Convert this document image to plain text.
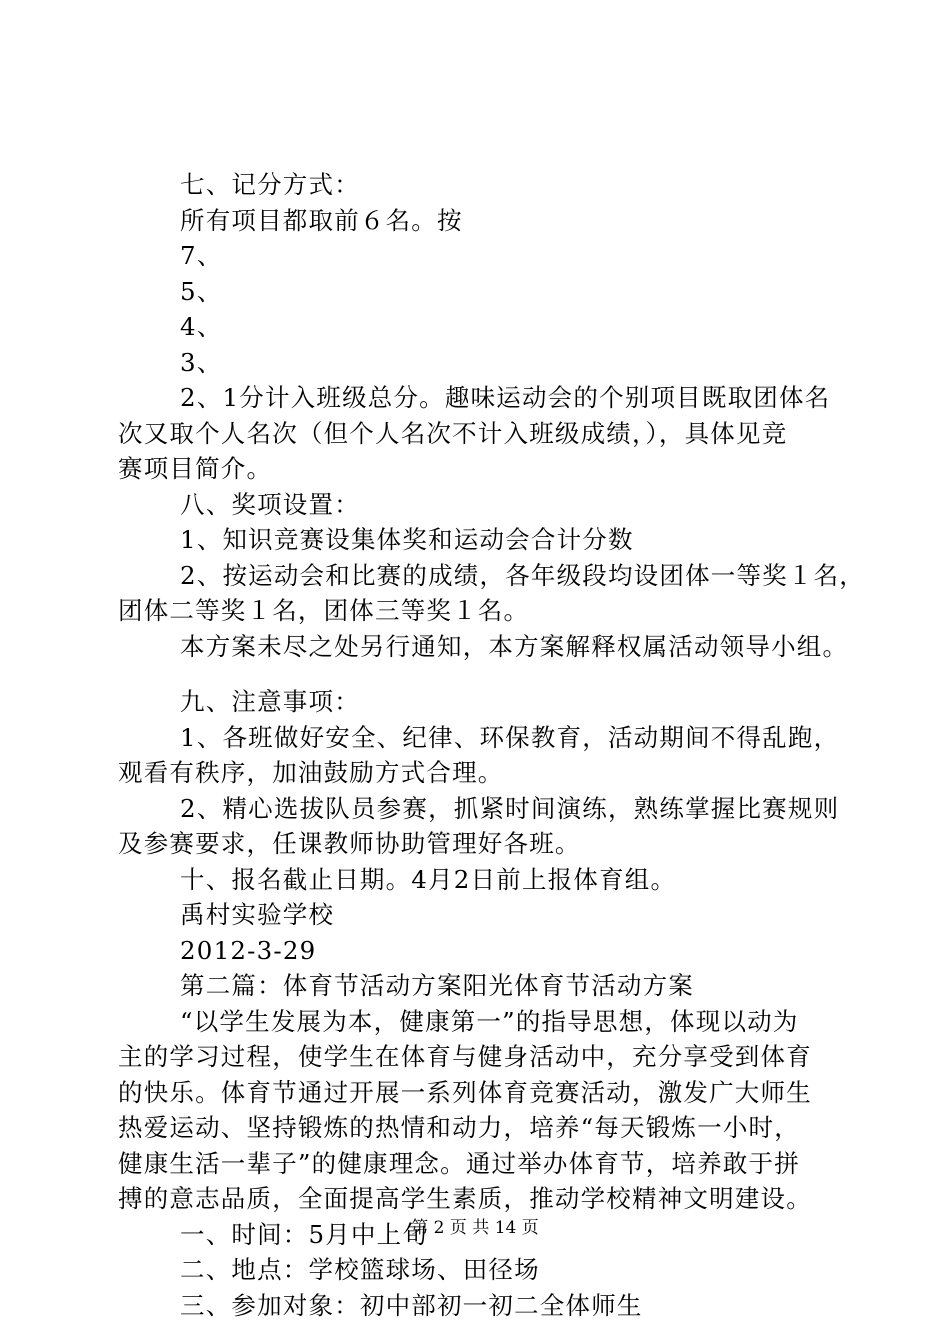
七、记分方式：
所有项目都取前６名。按
7、
5、
4、
3、
2、1分计入班级总分。趣味运动会的个别项目既取团体名
次又取个人名次（但个人名次不计入班级成绩，），具体见竞
赛项目简介。
八、奖项设置：
1、知识竞赛设集体奖和运动会合计分数
2、按运动会和比赛的成绩，各年级段均设团体一等奖１名，
团体二等奖１名，团体三等奖１名。
本方案未尽之处另行通知，本方案解释权属活动领导小组。
九、注意事项：
1、各班做好安全、纪律、环保教育，活动期间不得乱跑，
观看有秩序，加油鼓励方式合理。
2、精心选拔队员参赛，抓紧时间演练，熟练掌握比赛规则
及参赛要求，任课教师协助管理好各班。
十、报名截止日期。4月2日前上报体育组。
禹村实验学校
2012-3-29
第二篇：体育节活动方案阳光体育节活动方案
“以学生发展为本，健康第一”的指导思想，体现以动为
主的学习过程，使学生在体育与健身活动中，充分享受到体育
的快乐。体育节通过开展一系列体育竞赛活动，激发广大师生
热爱运动、坚持锻炼的热情和动力，培养“每天锻炼一小时，
健康生活一辈子”的健康理念。通过举办体育节，培养敢于拼
搏的意志品质，全面提高学生素质，推动学校精神文明建设。
一、时间：5月中上旬
二、地点：学校篮球场、田径场
三、参加对象：初中部初一初二全体师生
第 2 页 共 14 页
